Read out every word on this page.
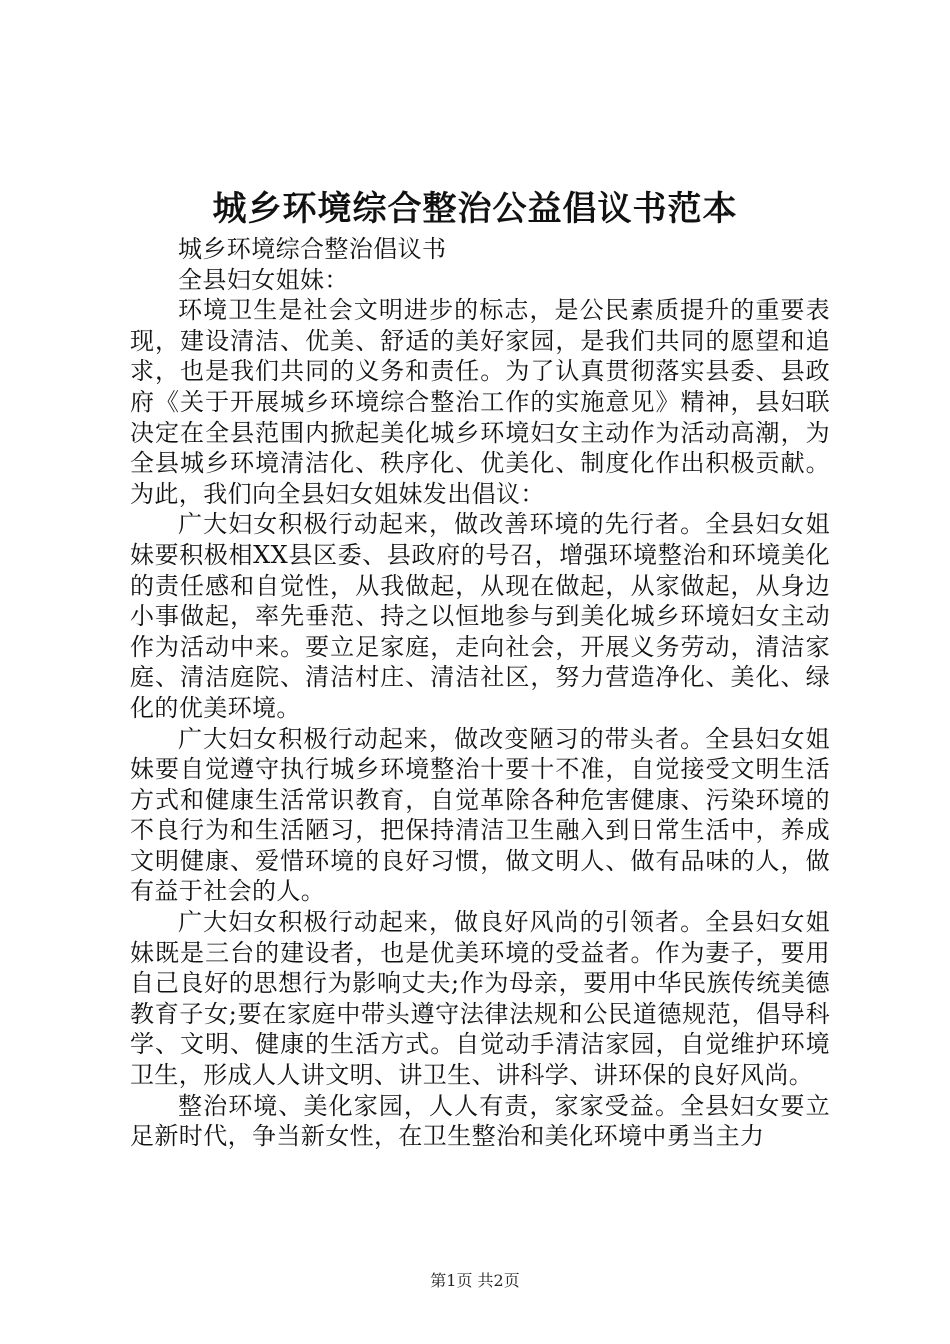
城乡环境综合整治公益倡议书范本

城乡环境综合整治倡议书

全县妇女姐妹：

环境卫生是社会文明进步的标志，是公民素质提升的重要表现，建设清洁、优美、舒适的美好家园，是我们共同的愿望和追求，也是我们共同的义务和责任。为了认真贯彻落实县委、县政府《关于开展城乡环境综合整治工作的实施意见》精神，县妇联决定在全县范围内掀起美化城乡环境妇女主动作为活动高潮，为全县城乡环境清洁化、秩序化、优美化、制度化作出积极贡献。为此，我们向全县妇女姐妹发出倡议：

广大妇女积极行动起来，做改善环境的先行者。全县妇女姐妹要积极相XX县区委、县政府的号召，增强环境整治和环境美化的责任感和自觉性，从我做起，从现在做起，从家做起，从身边小事做起，率先垂范、持之以恒地参与到美化城乡环境妇女主动作为活动中来。要立足家庭，走向社会，开展义务劳动，清洁家庭、清洁庭院、清洁村庄、清洁社区，努力营造净化、美化、绿化的优美环境。

广大妇女积极行动起来，做改变陋习的带头者。全县妇女姐妹要自觉遵守执行城乡环境整治十要十不准，自觉接受文明生活方式和健康生活常识教育，自觉革除各种危害健康、污染环境的不良行为和生活陋习，把保持清洁卫生融入到日常生活中，养成文明健康、爱惜环境的良好习惯，做文明人、做有品味的人，做有益于社会的人。

广大妇女积极行动起来，做良好风尚的引领者。全县妇女姐妹既是三台的建设者，也是优美环境的受益者。作为妻子，要用自己良好的思想行为影响丈夫;作为母亲，要用中华民族传统美德教育子女;要在家庭中带头遵守法律法规和公民道德规范，倡导科学、文明、健康的生活方式。自觉动手清洁家园，自觉维护环境卫生，形成人人讲文明、讲卫生、讲科学、讲环保的良好风尚。

整治环境、美化家园，人人有责，家家受益。全县妇女要立足新时代，争当新女性，在卫生整治和美化环境中勇当主力

第1页 共2页
